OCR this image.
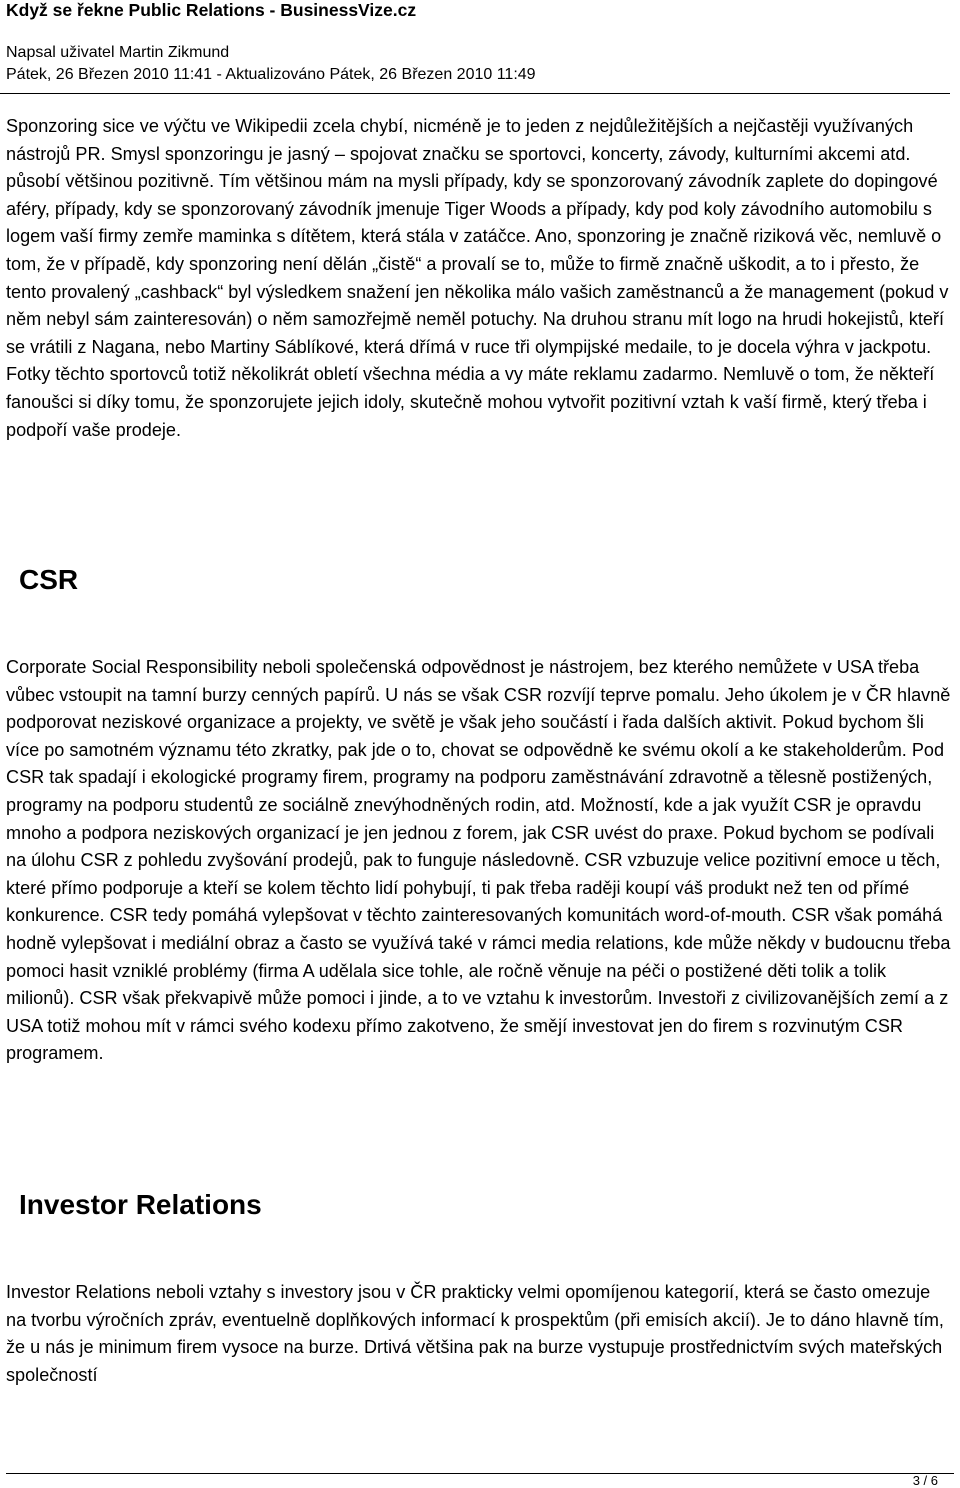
Když se řekne Public Relations - BusinessVize.cz

Napsal uživatel Martin Zikmund

Pátek, 26 Březen 2010 11:41 - Aktualizováno Pátek, 26 Březen 2010 11:49

Sponzoring sice ve výčtu ve Wikipedii zcela chybí, nicméně je to jeden z nejdůležitějších a nejčastěji využívaných nástrojů PR. Smysl sponzoringu je jasný – spojovat značku se sportovci, koncerty, závody, kulturními akcemi atd. působí většinou pozitivně. Tím většinou mám na mysli případy, kdy se sponzorovaný závodník zaplete do dopingové aféry, případy, kdy se sponzorovaný závodník jmenuje Tiger Woods a případy, kdy pod koly závodního automobilu s logem vaší firmy zemře maminka s dítětem, která stála v zatáčce. Ano, sponzoring je značně riziková věc, nemluvě o tom, že v případě, kdy sponzoring není dělán „čistě“ a provalí se to, může to firmě značně uškodit, a to i přesto, že tento provalený „cashback“ byl výsledkem snažení jen několika málo vašich zaměstnanců a že management (pokud v něm nebyl sám zainteresován) o něm samozřejmě neměl potuchy. Na druhou stranu mít logo na hrudi hokejistů, kteří se vrátili z Nagana, nebo Martiny Sáblíkové, která dřímá v ruce tři olympijské medaile, to je docela výhra v jackpotu. Fotky těchto sportovců totiž několikrát obletí všechna média a vy máte reklamu zadarmo. Nemluvě o tom, že někteří fanoušci si díky tomu, že sponzorujete jejich idoly, skutečně mohou vytvořit pozitivní vztah k vaší firmě, který třeba i podpoří vaše prodeje.

CSR

Corporate Social Responsibility neboli společenská odpovědnost je nástrojem, bez kterého nemůžete v USA třeba vůbec vstoupit na tamní burzy cenných papírů. U nás se však CSR rozvíjí teprve pomalu. Jeho úkolem je v ČR hlavně podporovat neziskové organizace a projekty, ve světě je však jeho součástí i řada dalších aktivit. Pokud bychom šli více po samotném významu této zkratky, pak jde o to, chovat se odpovědně ke svému okolí a ke stakeholderům. Pod CSR tak spadají i ekologické programy firem, programy na podporu zaměstnávání zdravotně a tělesně postižených, programy na podporu studentů ze sociálně znevýhodněných rodin, atd. Možností, kde a jak využít CSR je opravdu mnoho a podpora neziskových organizací je jen jednou z forem, jak CSR uvést do praxe. Pokud bychom se podívali na úlohu CSR z pohledu zvyšování prodejů, pak to funguje následovně. CSR vzbuzuje velice pozitivní emoce u těch, které přímo podporuje a kteří se kolem těchto lidí pohybují, ti pak třeba raději koupí váš produkt než ten od přímé konkurence. CSR tedy pomáhá vylepšovat v těchto zainteresovaných komunitách word-of-mouth. CSR však pomáhá hodně vylepšovat i mediální obraz a často se využívá také v rámci media relations, kde může někdy v budoucnu třeba pomoci hasit vzniklé problémy (firma A udělala sice tohle, ale ročně věnuje na péči o postižené děti tolik a tolik milionů). CSR však překvapivě může pomoci i jinde, a to ve vztahu k investorům. Investoři z civilizovanějších zemí a z USA totiž mohou mít v rámci svého kodexu přímo zakotveno, že smějí investovat jen do firem s rozvinutým CSR programem.

Investor Relations

Investor Relations neboli vztahy s investory jsou v ČR prakticky velmi opomíjenou kategorií, která se často omezuje na tvorbu výročních zpráv, eventuelně doplňkových informací k prospektům (při emisích akcií). Je to dáno hlavně tím, že u nás je minimum firem vysoce na burze. Drtivá většina pak na burze vystupuje prostřednictvím svých mateřských společností

3 / 6
